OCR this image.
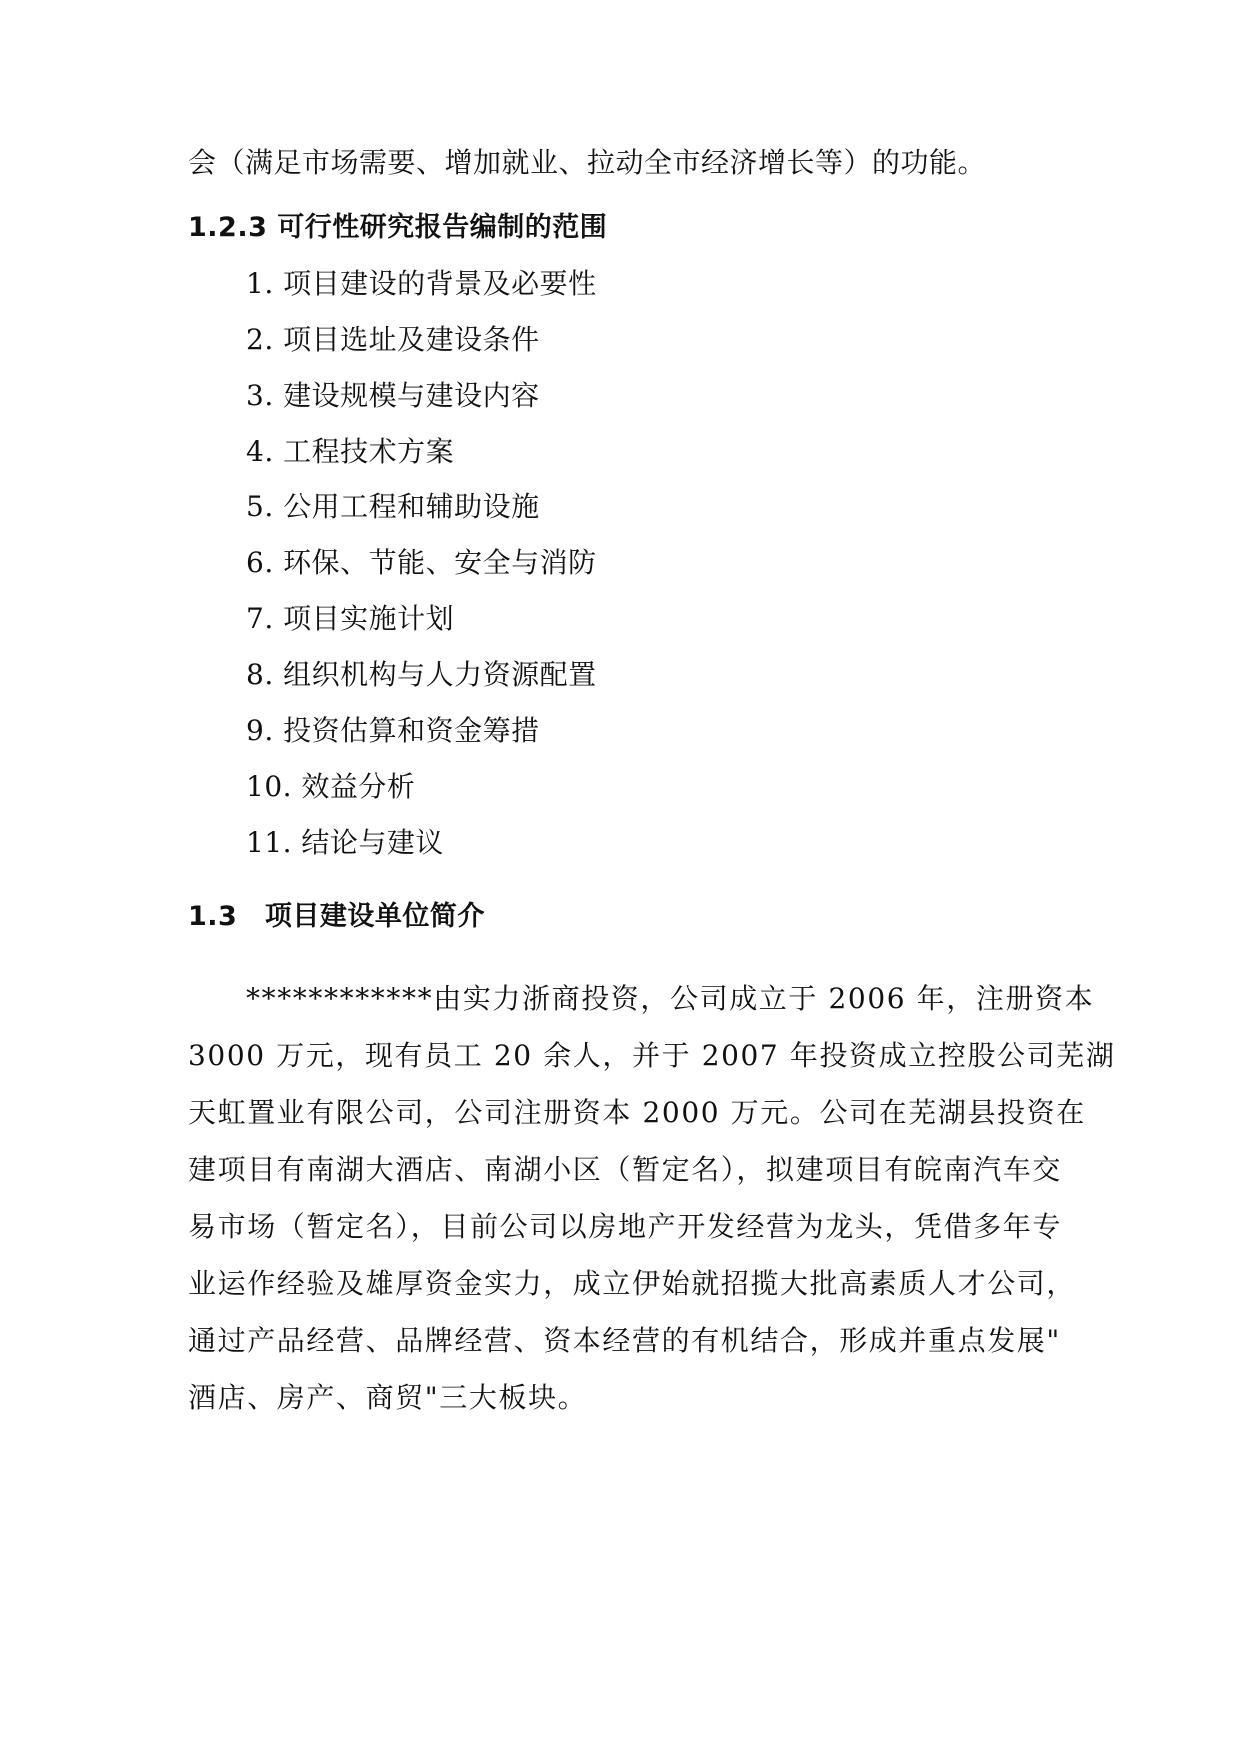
会（满足市场需要、增加就业、拉动全市经济增长等）的功能。
1.2.3 可行性研究报告编制的范围
1. 项目建设的背景及必要性
2. 项目选址及建设条件
3. 建设规模与建设内容
4. 工程技术方案
5. 公用工程和辅助设施
6. 环保、节能、安全与消防
7. 项目实施计划
8. 组织机构与人力资源配置
9. 投资估算和资金筹措
10. 效益分析
11. 结论与建议
1.3　项目建设单位简介
************由实力浙商投资，公司成立于 2006 年，注册资本
3000 万元，现有员工 20 余人，并于 2007 年投资成立控股公司芜湖
天虹置业有限公司，公司注册资本 2000 万元。公司在芜湖县投资在
建项目有南湖大酒店、南湖小区（暂定名），拟建项目有皖南汽车交
易市场（暂定名），目前公司以房地产开发经营为龙头，凭借多年专
业运作经验及雄厚资金实力，成立伊始就招揽大批高素质人才公司，
通过产品经营、品牌经营、资本经营的有机结合，形成并重点发展"
酒店、房产、商贸"三大板块。
